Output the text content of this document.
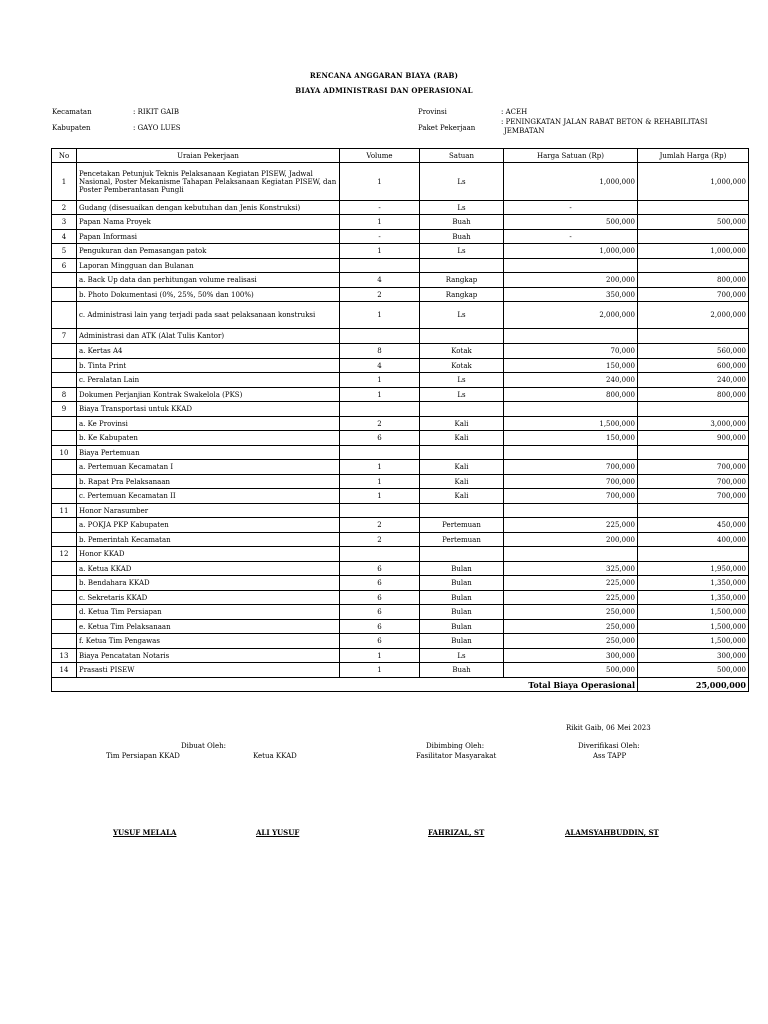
RENCANA ANGGARAN BIAYA (RAB)
BIAYA ADMINISTRASI DAN OPERASIONAL
Kecamatan	: RIKIT GAIB
Kabupaten	: GAYO LUES
Provinsi	: ACEH
Paket Pekerjaan
: PENINGKATAN JALAN RABAT BETON & REHABILITASI
JEMBATAN
No	Uraian Pekerjaan	Volume	Satuan	Harga Satuan (Rp)	Jumlah Harga (Rp)
1	Pencetakan Petunjuk Teknis Pelaksanaan Kegiatan PISEW, Jadwal Nasional, Poster Mekanisme Tahapan Pelaksanaan Kegiatan PISEW, dan Poster Pemberantasan Pungli	1	Ls	1,000,000	1,000,000
2	Gudang (disesuaikan dengan kebutuhan dan Jenis Konstruksi)	-	Ls	-	
3	Papan Nama Proyek	1	Buah	500,000	500,000
4	Papan Informasi	-	Buah	-	
5	Pengukuran dan Pemasangan patok	1	Ls	1,000,000	1,000,000
6	Laporan Mingguan dan Bulanan				
	a. Back Up data dan perhitungan volume realisasi	4	Rangkap	200,000	800,000
	b. Photo Dokumentasi (0%, 25%, 50% dan 100%)	2	Rangkap	350,000	700,000
	c. Administrasi lain yang terjadi pada saat pelaksanaan konstruksi	1	Ls	2,000,000	2,000,000
7	Administrasi dan ATK (Alat Tulis Kantor)				
	a. Kertas A4	8	Kotak	70,000	560,000
	b. Tinta Print	4	Kotak	150,000	600,000
	c. Peralatan Lain	1	Ls	240,000	240,000
8	Dokumen Perjanjian Kontrak Swakelola (PKS)	1	Ls	800,000	800,000
9	Biaya Transportasi untuk KKAD				
	a. Ke Provinsi	2	Kali	1,500,000	3,000,000
	b. Ke Kabupaten	6	Kali	150,000	900,000
10	Biaya Pertemuan				
	a. Pertemuan Kecamatan I	1	Kali	700,000	700,000
	b. Rapat Pra Pelaksanaan	1	Kali	700,000	700,000
	c. Pertemuan Kecamatan II	1	Kali	700,000	700,000
11	Honor Narasumber				
	a. POKJA PKP Kabupaten	2	Pertemuan	225,000	450,000
	b. Pemerintah Kecamatan	2	Pertemuan	200,000	400,000
12	Honor KKAD				
	a. Ketua KKAD	6	Bulan	325,000	1,950,000
	b. Bendahara KKAD	6	Bulan	225,000	1,350,000
	c. Sekretaris KKAD	6	Bulan	225,000	1,350,000
	d. Ketua Tim Persiapan	6	Bulan	250,000	1,500,000
	e. Ketua Tim Pelaksanaan	6	Bulan	250,000	1,500,000
	f. Ketua Tim Pengawas	6	Bulan	250,000	1,500,000
13	Biaya Pencatatan Notaris	1	Ls	300,000	300,000
14	Prasasti PISEW	1	Buah	500,000	500,000
				Total Biaya Operasional	25,000,000
Rikit Gaib, 06 Mei 2023
Dibuat Oleh:
Tim Persiapan KKAD	Ketua KKAD
Dibimbing Oleh:
Fasilitator Masyarakat
Diverifikasi Oleh:
Ass TAPP
YUSUF MELALA	ALI YUSUF	FAHRIZAL, ST	ALAMSYAHBUDDIN, ST
